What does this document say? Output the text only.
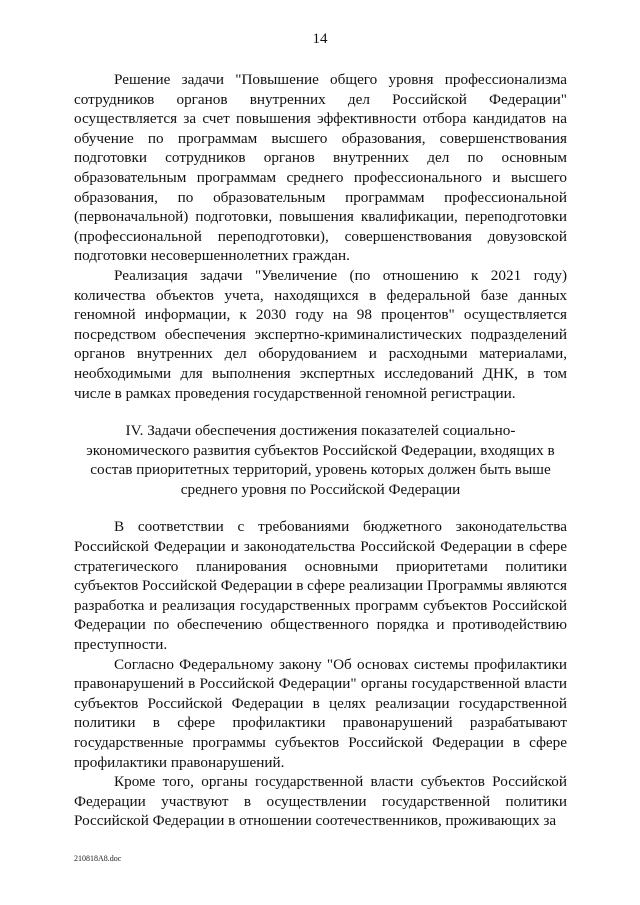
14

Решение задачи "Повышение общего уровня профессионализма сотрудников органов внутренних дел Российской Федерации" осуществляется за счет повышения эффективности отбора кандидатов на обучение по программам высшего образования, совершенствования подготовки сотрудников органов внутренних дел по основным образовательным программам среднего профессионального и высшего образования, по образовательным программам профессиональной (первоначальной) подготовки, повышения квалификации, переподготовки (профессиональной переподготовки), совершенствования довузовской подготовки несовершеннолетних граждан.

Реализация задачи "Увеличение (по отношению к 2021 году) количества объектов учета, находящихся в федеральной базе данных геномной информации, к 2030 году на 98 процентов" осуществляется посредством обеспечения экспертно-криминалистических подразделений органов внутренних дел оборудованием и расходными материалами, необходимыми для выполнения экспертных исследований ДНК, в том числе в рамках проведения государственной геномной регистрации.

IV. Задачи обеспечения достижения показателей социально-экономического развития субъектов Российской Федерации, входящих в состав приоритетных территорий, уровень которых должен быть выше среднего уровня по Российской Федерации

В соответствии с требованиями бюджетного законодательства Российской Федерации и законодательства Российской Федерации в сфере стратегического планирования основными приоритетами политики субъектов Российской Федерации в сфере реализации Программы являются разработка и реализация государственных программ субъектов Российской Федерации по обеспечению общественного порядка и противодействию преступности.

Согласно Федеральному закону "Об основах системы профилактики правонарушений в Российской Федерации" органы государственной власти субъектов Российской Федерации в целях реализации государственной политики в сфере профилактики правонарушений разрабатывают государственные программы субъектов Российской Федерации в сфере профилактики правонарушений.

Кроме того, органы государственной власти субъектов Российской Федерации участвуют в осуществлении государственной политики Российской Федерации в отношении соотечественников, проживающих за

210818A8.doc
